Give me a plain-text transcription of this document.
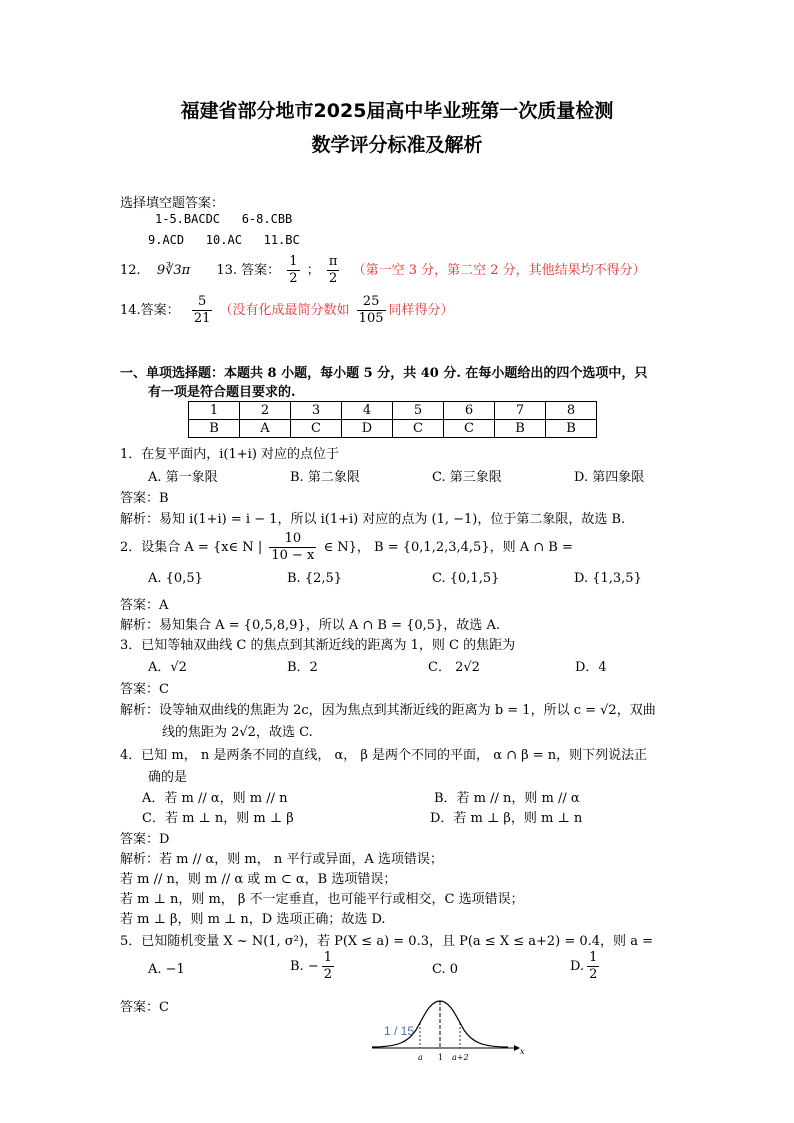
福建省部分地市2025届高中毕业班第一次质量检测
数学评分标准及解析
选择填空题答案：
1-5.BACDC   6-8.CBB
9.ACD   10.AC   11.BC
12. 9∛3π 13. 答案： $\frac{1}{2}$ ； $\frac{\pi}{2}$ （第一空 3 分，第二空 2 分，其他结果均不得分）
14.答案： $\frac{5}{21}$ （没有化成最简分数如 $\frac{25}{105}$ 同样得分）
一、单项选择题：本题共 8 小题，每小题 5 分，共 40 分. 在每小题给出的四个选项中，只
有一项是符合题目要求的.
1	2	3	4	5	6	7	8
B	A	C	D	C	C	B	B
1．在复平面内，i(1+i) 对应的点位于
A. 第一象限	B. 第二象限	C. 第三象限	D. 第四象限
答案：B
解析：易知 i(1+i) = i − 1，所以 i(1+i) 对应的点为 (1, −1)，位于第二象限，故选 B.
2．设集合 A = {x∈ N | $\frac{10}{10 - x}$ ∈ N}， B = {0,1,2,3,4,5}，则 A ∩ B =
A. {0,5}	B. {2,5}	C. {0,1,5}	D. {1,3,5}
答案：A
解析：易知集合 A = {0,5,8,9}，所以 A ∩ B = {0,5}，故选 A.
3．已知等轴双曲线 C 的焦点到其渐近线的距离为 1，则 C 的焦距为
A．√2	B．2	C． 2√2	D．4
答案：C
解析：设等轴双曲线的焦距为 2c，因为焦点到其渐近线的距离为 b = 1，所以 c = √2，双曲
线的焦距为 2√2，故选 C.
4．已知 m， n 是两条不同的直线， α， β 是两个不同的平面， α ∩ β = n，则下列说法正
确的是
A．若 m // α，则 m // n	B．若 m // n，则 m // α
C．若 m ⊥ n，则 m ⊥ β	D．若 m ⊥ β，则 m ⊥ n
答案：D
解析：若 m // α，则 m， n 平行或异面，A 选项错误；
若 m // n，则 m // α 或 m ⊂ α，B 选项错误；
若 m ⊥ n，则 m， β 不一定垂直，也可能平行或相交，C 选项错误；
若 m ⊥ β，则 m ⊥ n，D 选项正确；故选 D.
5．已知随机变量 X ~ N(1, σ²)，若 P(X ≤ a) = 0.3，且 P(a ≤ X ≤ a+2) = 0.4，则 a =
A. −1	B. − $\frac{1}{2}$	C. 0	D. $\frac{1}{2}$
答案：C
a 1 a+2
x
1 / 15
